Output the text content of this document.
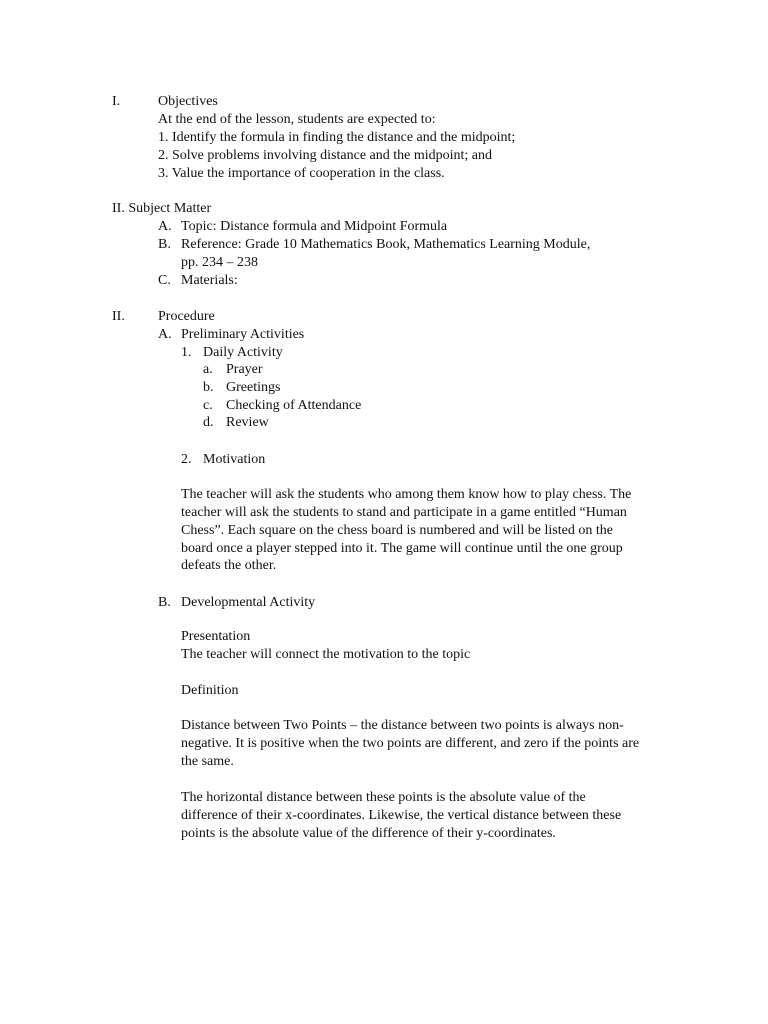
I.	Objectives
At the end of the lesson, students are expected to:
1. Identify the formula in finding the distance and the midpoint;
2. Solve problems involving distance and the midpoint; and
3. Value the importance of cooperation in the class.
II. Subject Matter
A. Topic: Distance formula and Midpoint Formula
B. Reference: Grade 10 Mathematics Book, Mathematics Learning Module,
pp. 234 – 238
C. Materials:
II. Procedure
A. Preliminary Activities
1. Daily Activity
a. Prayer
b. Greetings
c. Checking of Attendance
d. Review
2. Motivation
The teacher will ask the students who among them know how to play chess. The
teacher will ask the students to stand and participate in a game entitled “Human
Chess”. Each square on the chess board is numbered and will be listed on the
board once a player stepped into it. The game will continue until the one group
defeats the other.
B. Developmental Activity
Presentation
The teacher will connect the motivation to the topic
Definition
Distance between Two Points – the distance between two points is always non-
negative. It is positive when the two points are different, and zero if the points are
the same.
The horizontal distance between these points is the absolute value of the
difference of their x-coordinates. Likewise, the vertical distance between these
points is the absolute value of the difference of their y-coordinates.
